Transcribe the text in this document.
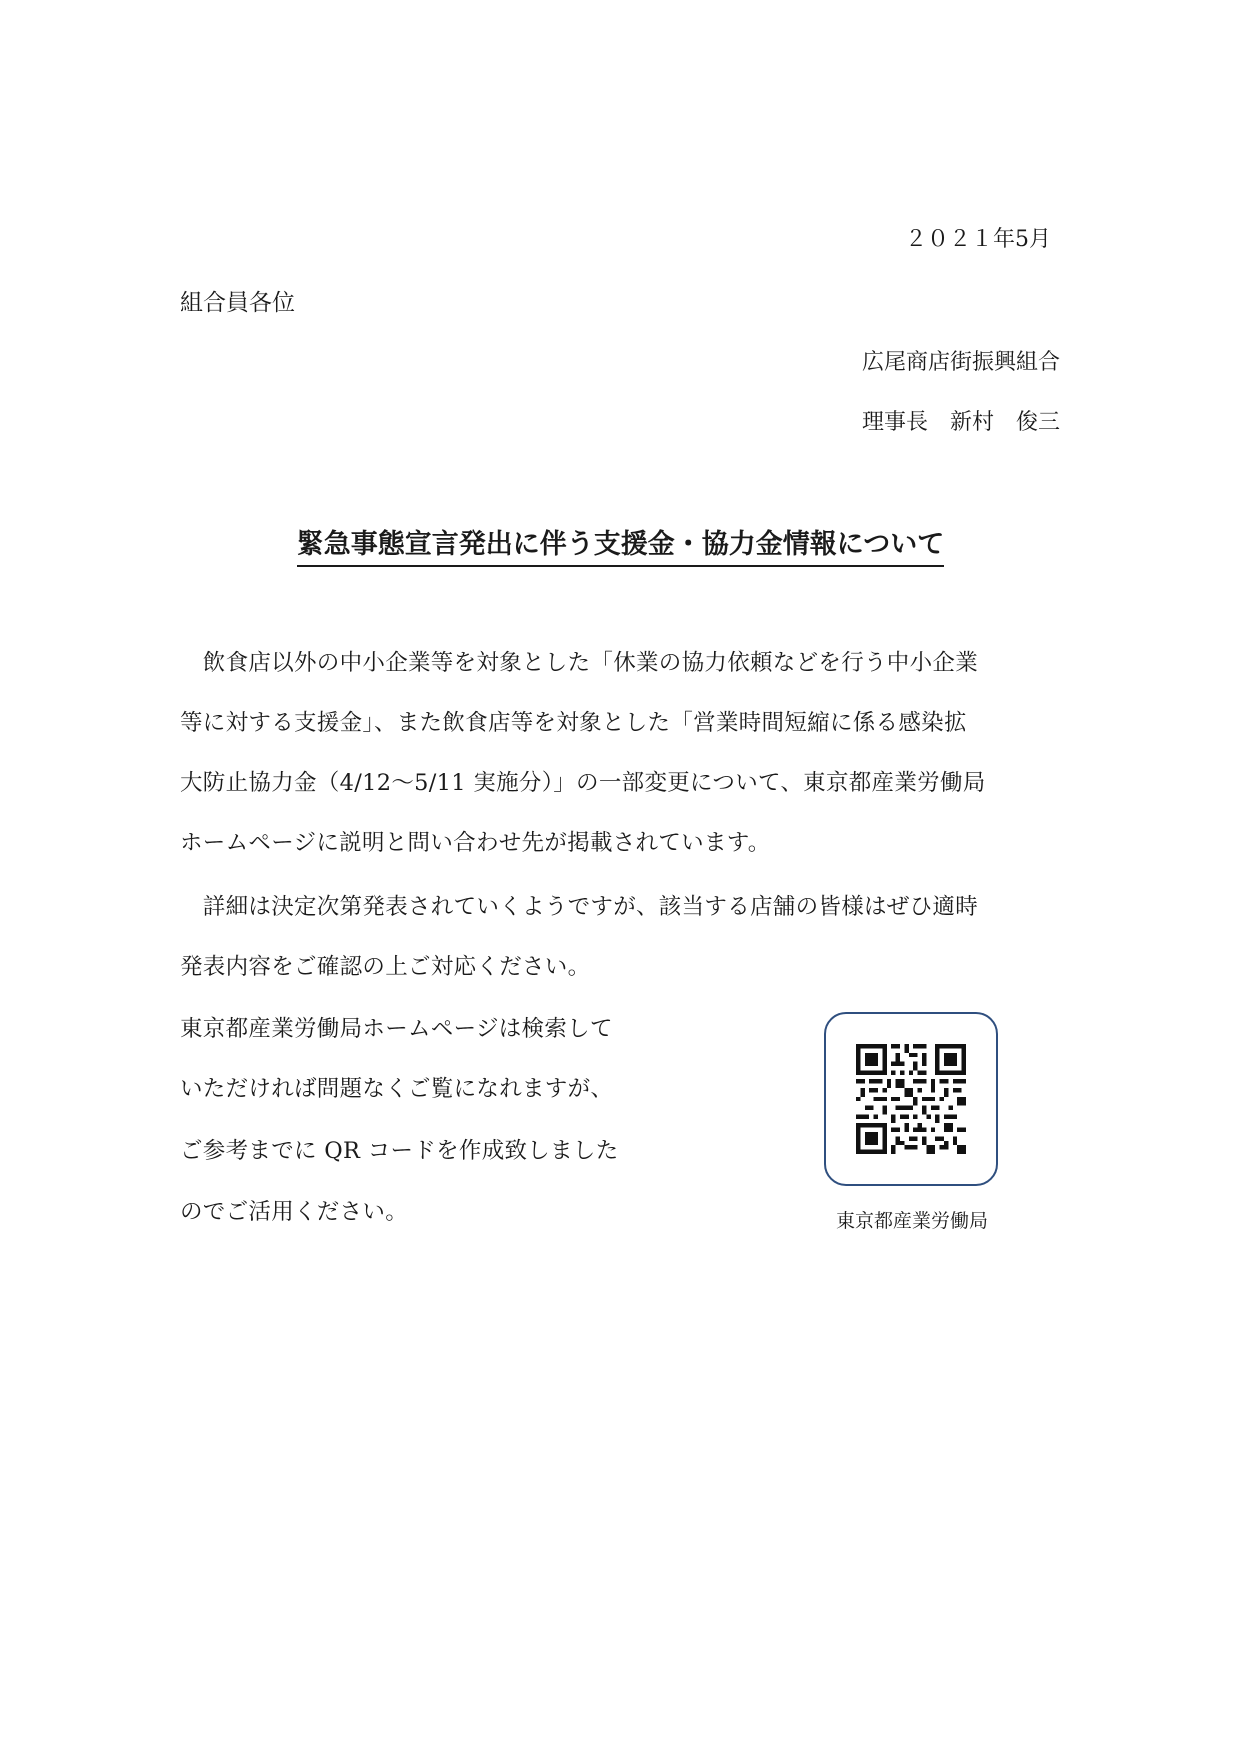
２０２１年5月
組合員各位
広尾商店街振興組合
理事長　新村　俊三
緊急事態宣言発出に伴う支援金・協力金情報について
　飲食店以外の中小企業等を対象とした「休業の協力依頼などを行う中小企業
等に対する支援金」、また飲食店等を対象とした「営業時間短縮に係る感染拡
大防止協力金（4/12〜5/11 実施分）」の一部変更について、東京都産業労働局
ホームページに説明と問い合わせ先が掲載されています。
　詳細は決定次第発表されていくようですが、該当する店舗の皆様はぜひ適時
発表内容をご確認の上ご対応ください。
東京都産業労働局ホームページは検索して
いただければ問題なくご覧になれますが、
ご参考までに QR コードを作成致しました
のでご活用ください。	東京都産業労働局
